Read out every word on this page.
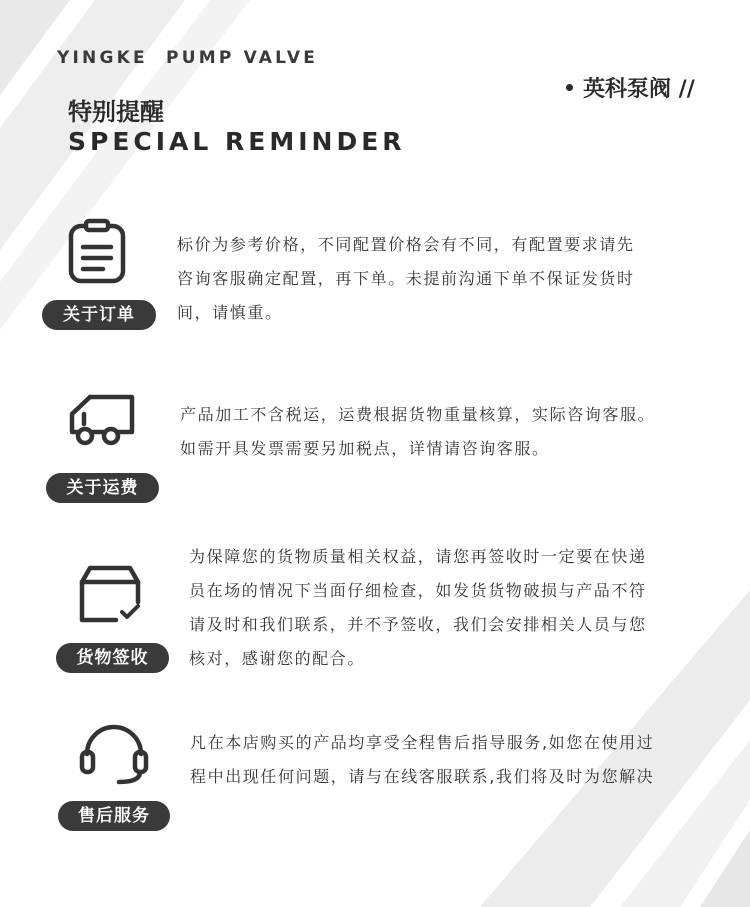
YINGKE  PUMP VALVE
特别提醒
SPECIAL REMINDER
英科泵阀 //
关于订单
标价为参考价格，不同配置价格会有不同，有配置要求请先
咨询客服确定配置，再下单。未提前沟通下单不保证发货时
间，请慎重。
关于运费
产品加工不含税运，运费根据货物重量核算，实际咨询客服。
如需开具发票需要另加税点，详情请咨询客服。
货物签收
为保障您的货物质量相关权益，请您再签收时一定要在快递
员在场的情况下当面仔细检查，如发货货物破损与产品不符
请及时和我们联系，并不予签收，我们会安排相关人员与您
核对，感谢您的配合。
售后服务
凡在本店购买的产品均享受全程售后指导服务,如您在使用过
程中出现任何问题，请与在线客服联系,我们将及时为您解决
